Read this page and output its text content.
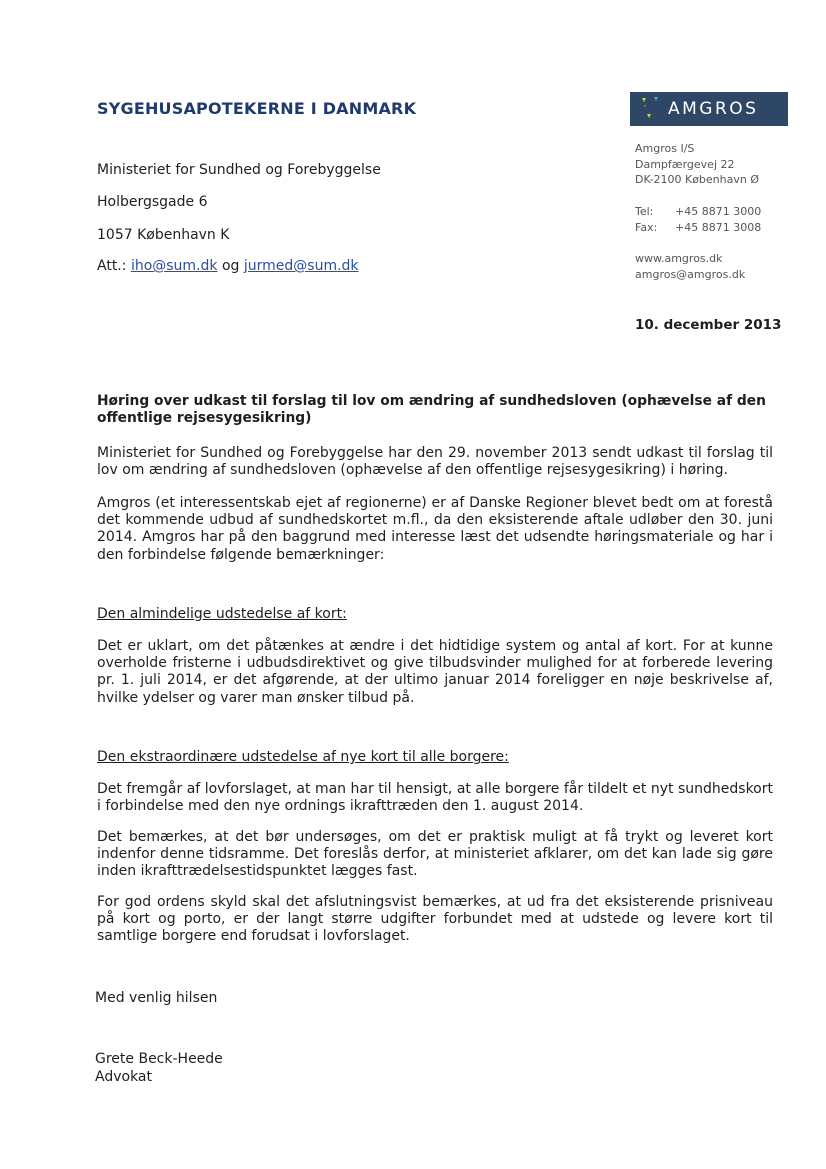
SYGEHUSAPOTEKERNE I DANMARK	AMGROS
Ministeriet for Sundhed og Forebyggelse
Holbergsgade 6
1057 København K
Att.: iho@sum.dk og jurmed@sum.dk
Amgros I/S
Dampfærgevej 22
DK-2100 København Ø
Tel: +45 8871 3000
Fax: +45 8871 3008
www.amgros.dk
amgros@amgros.dk
10. december 2013
Høring over udkast til forslag til lov om ændring af sundhedsloven (ophævelse af den offentlige rejsesygesikring)
Ministeriet for Sundhed og Forebyggelse har den 29. november 2013 sendt udkast til forslag til lov om ændring af sundhedsloven (ophævelse af den offentlige rejsesygesikring) i høring.
Amgros (et interessentskab ejet af regionerne) er af Danske Regioner blevet bedt om at forestå det kommende udbud af sundhedskortet m.fl., da den eksisterende aftale udløber den 30. juni 2014. Amgros har på den baggrund med interesse læst det udsendte høringsmateriale og har i den forbindelse følgende bemærkninger:
Den almindelige udstedelse af kort:
Det er uklart, om det påtænkes at ændre i det hidtidige system og antal af kort. For at kunne overholde fristerne i udbudsdirektivet og give tilbudsvinder mulighed for at forberede levering pr. 1. juli 2014, er det afgørende, at der ultimo januar 2014 foreligger en nøje beskrivelse af, hvilke ydelser og varer man ønsker tilbud på.
Den ekstraordinære udstedelse af nye kort til alle borgere:
Det fremgår af lovforslaget, at man har til hensigt, at alle borgere får tildelt et nyt sundhedskort i forbindelse med den nye ordnings ikrafttræden den 1. august 2014.
Det bemærkes, at det bør undersøges, om det er praktisk muligt at få trykt og leveret kort indenfor denne tidsramme. Det foreslås derfor, at ministeriet afklarer, om det kan lade sig gøre inden ikrafttrædelsestidspunktet lægges fast.
For god ordens skyld skal det afslutningsvist bemærkes, at ud fra det eksisterende prisniveau på kort og porto, er der langt større udgifter forbundet med at udstede og levere kort til samtlige borgere end forudsat i lovforslaget.
Med venlig hilsen
Grete Beck-Heede
Advokat
